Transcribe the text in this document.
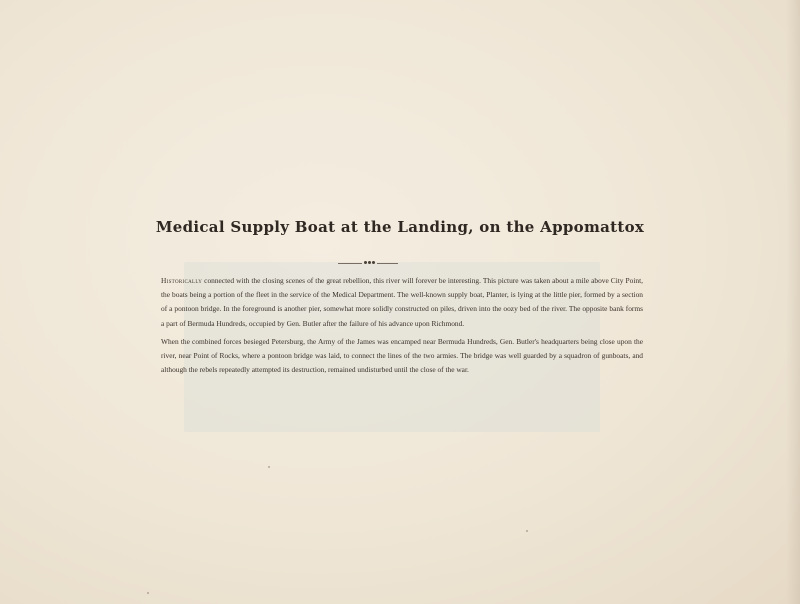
Medical Supply Boat at the Landing, on the Appomattox

Historically connected with the closing scenes of the great rebellion, this river will forever be interesting. This picture was taken about a mile above City Point, the boats being a portion of the fleet in the service of the Medical Department. The well-known supply boat, Planter, is lying at the little pier, formed by a section of a pontoon bridge. In the foreground is another pier, somewhat more solidly constructed on piles, driven into the oozy bed of the river. The opposite bank forms a part of Bermuda Hundreds, occupied by Gen. Butler after the failure of his advance upon Richmond.

When the combined forces besieged Petersburg, the Army of the James was encamped near Bermuda Hundreds, Gen. Butler's headquarters being close upon the river, near Point of Rocks, where a pontoon bridge was laid, to connect the lines of the two armies. The bridge was well guarded by a squadron of gunboats, and although the rebels repeatedly attempted its destruction, remained undisturbed until the close of the war.
